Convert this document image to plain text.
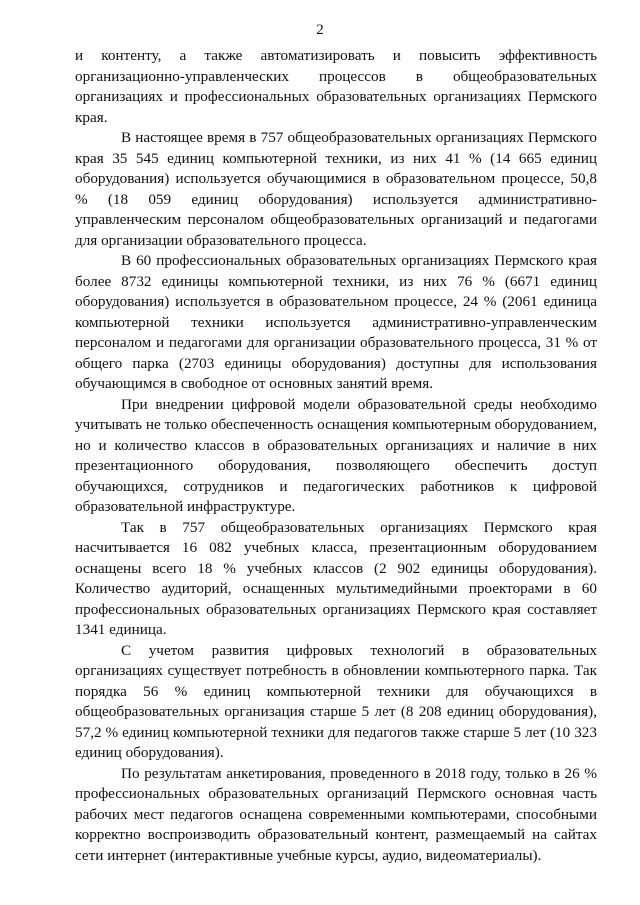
2

и контенту, а также автоматизировать и повысить эффективность организационно-управленческих процессов в общеобразовательных организациях и профессиональных образовательных организациях Пермского края.

В настоящее время в 757 общеобразовательных организациях Пермского края 35 545 единиц компьютерной техники, из них 41 % (14 665 единиц оборудования) используется обучающимися в образовательном процессе, 50,8 % (18 059 единиц оборудования) используется административно-управленческим персоналом общеобразовательных организаций и педагогами для организации образовательного процесса.

В 60 профессиональных образовательных организациях Пермского края более 8732 единицы компьютерной техники, из них 76 % (6671 единиц оборудования) используется в образовательном процессе, 24 % (2061 единица компьютерной техники используется административно-управленческим персоналом и педагогами для организации образовательного процесса, 31 % от общего парка (2703 единицы оборудования) доступны для использования обучающимся в свободное от основных занятий время.

При внедрении цифровой модели образовательной среды необходимо учитывать не только обеспеченность оснащения компьютерным оборудованием, но и количество классов в образовательных организациях и наличие в них презентационного оборудования, позволяющего обеспечить доступ обучающихся, сотрудников и педагогических работников к цифровой образовательной инфраструктуре.

Так в 757 общеобразовательных организациях Пермского края насчитывается 16 082 учебных класса, презентационным оборудованием оснащены всего 18 % учебных классов (2 902 единицы оборудования). Количество аудиторий, оснащенных мультимедийными проекторами в 60 профессиональных образовательных организациях Пермского края составляет 1341 единица.

С учетом развития цифровых технологий в образовательных организациях существует потребность в обновлении компьютерного парка. Так порядка 56 % единиц компьютерной техники для обучающихся в общеобразовательных организация старше 5 лет (8 208 единиц оборудования), 57,2 % единиц компьютерной техники для педагогов также старше 5 лет (10 323 единиц оборудования).

По результатам анкетирования, проведенного в 2018 году, только в 26 % профессиональных образовательных организаций Пермского основная часть рабочих мест педагогов оснащена современными компьютерами, способными корректно воспроизводить образовательный контент, размещаемый на сайтах сети интернет (интерактивные учебные курсы, аудио, видеоматериалы).
